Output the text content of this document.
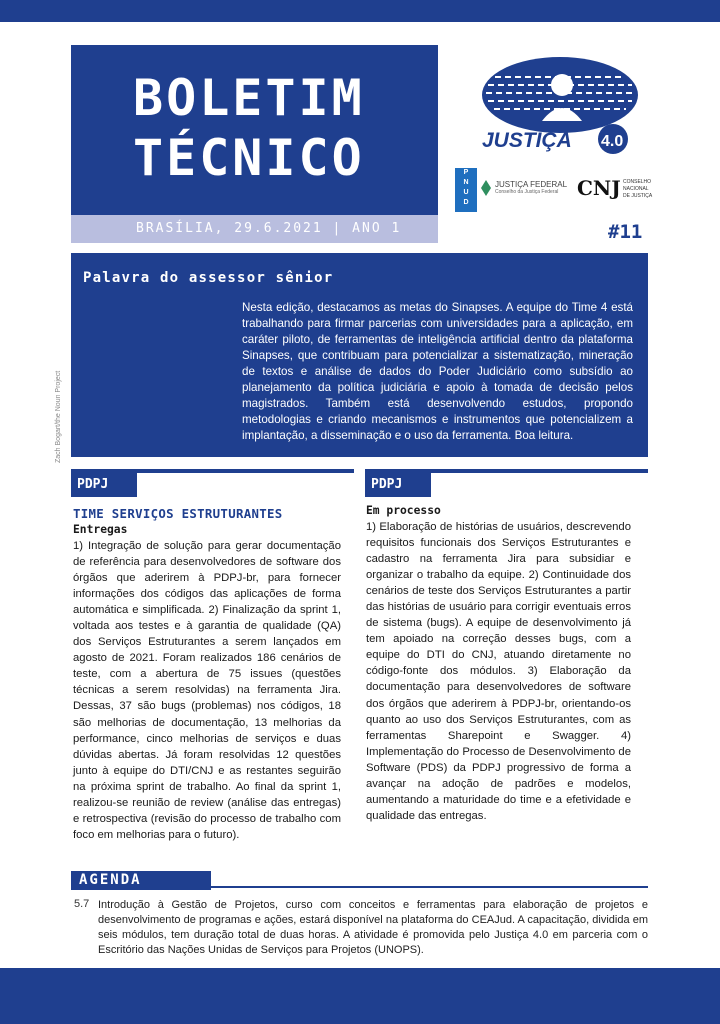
BOLETIM
TÉCNICO
BRASÍLIA, 29.6.2021 | ANO 1
JUSTIÇA 4.0
P
N
U
D
JUSTIÇA FEDERAL
Conselho da Justiça Federal CNJ CONSELHO
NACIONAL
DE JUSTIÇA
#11
Zach Bogart/the Noun Project
Palavra do assessor sênior
Nesta edição, destacamos as metas do Sinapses. A equipe do Time 4 está trabalhando para firmar parcerias com universidades para a aplicação, em caráter piloto, de ferramentas de inteligência artificial dentro da plataforma Sinapses, que contribuam para potencializar a sistematização, mineração de textos e análise de dados do Poder Judiciário como subsídio ao planejamento da política judiciária e apoio à tomada de decisão pelos magistrados. Também está desenvolvendo estudos, propondo metodologias e criando mecanismos e instrumentos que potencializem a implantação, a disseminação e o uso da ferramenta. Boa leitura.
PDPJ	PDPJ
TIME SERVIÇOS ESTRUTURANTES
Entregas
1) Integração de solução para gerar documentação de referência para desenvolvedores de software dos órgãos que aderirem à PDPJ-br, para fornecer informações dos códigos das aplicações de forma automática e simplificada. 2) Finalização da sprint 1, voltada aos testes e à garantia de qualidade (QA) dos Serviços Estruturantes a serem lançados em agosto de 2021. Foram realizados 186 cenários de teste, com a abertura de 75 issues (questões técnicas a serem resolvidas) na ferramenta Jira. Dessas, 37 são bugs (problemas) nos códigos, 18 são melhorias de documentação, 13 melhorias da performance, cinco melhorias de serviços e duas dúvidas abertas. Já foram resolvidas 12 questões junto à equipe do DTI/CNJ e as restantes seguirão na próxima sprint de trabalho. Ao final da sprint 1, realizou-se reunião de review (análise das entregas) e retrospectiva (revisão do processo de trabalho com foco em melhorias para o futuro).
Em processo
1) Elaboração de histórias de usuários, descrevendo requisitos funcionais dos Serviços Estruturantes e cadastro na ferramenta Jira para subsidiar e organizar o trabalho da equipe. 2) Continuidade dos cenários de teste dos Serviços Estruturantes a partir das histórias de usuário para corrigir eventuais erros de sistema (bugs). A equipe de desenvolvimento já tem apoiado na correção desses bugs, com a equipe do DTI do CNJ, atuando diretamente no código-fonte dos módulos. 3) Elaboração da documentação para desenvolvedores de software dos órgãos que aderirem à PDPJ-br, orientando-os quanto ao uso dos Serviços Estruturantes, com as ferramentas Sharepoint e Swagger. 4) Implementação do Processo de Desenvolvimento de Software (PDS) da PDPJ progressivo de forma a avançar na adoção de padrões e modelos, aumentando a maturidade do time e a efetividade e qualidade das entregas.
AGENDA
5.7 Introdução à Gestão de Projetos, curso com conceitos e ferramentas para elaboração de projetos e desenvolvimento de programas e ações, estará disponível na plataforma do CEAJud. A capacitação, dividida em seis módulos, tem duração total de duas horas. A atividade é promovida pelo Justiça 4.0 em parceria com o Escritório das Nações Unidas de Serviços para Projetos (UNOPS).
